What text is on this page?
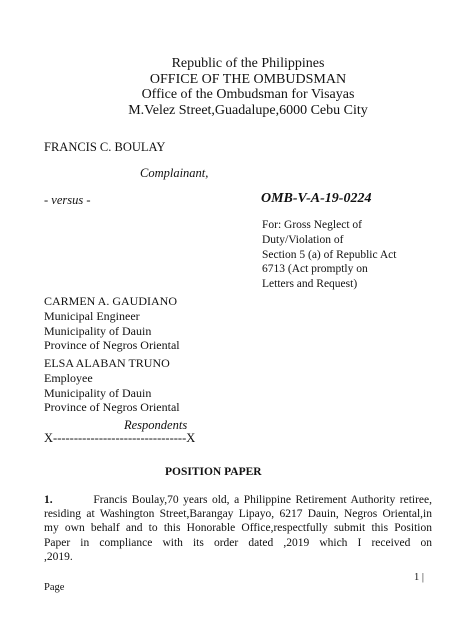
Republic of the Philippines
OFFICE OF THE OMBUDSMAN
Office of the Ombudsman for Visayas
M.Velez Street,Guadalupe,6000 Cebu City
FRANCIS C. BOULAY
Complainant,
- versus -	OMB-V-A-19-0224
For: Gross Neglect of
Duty/Violation of
Section 5 (a) of Republic Act
6713 (Act promptly on
Letters and Request)
CARMEN A. GAUDIANO
Municipal Engineer
Municipality of Dauin
Province of Negros Oriental
ELSA ALABAN TRUNO
Employee
Municipality of Dauin
Province of Negros Oriental
Respondents
X--------------------------------X
POSITION PAPER
1.	Francis Boulay,70 years old, a Philippine Retirement Authority retiree,
residing at Washington Street,Barangay Lipayo, 6217 Dauin, Negros Oriental,in
my own behalf and to this Honorable Office,respectfully submit this Position
Paper in compliance with its order dated ,2019 which I received on
,2019.
1 |
Page
